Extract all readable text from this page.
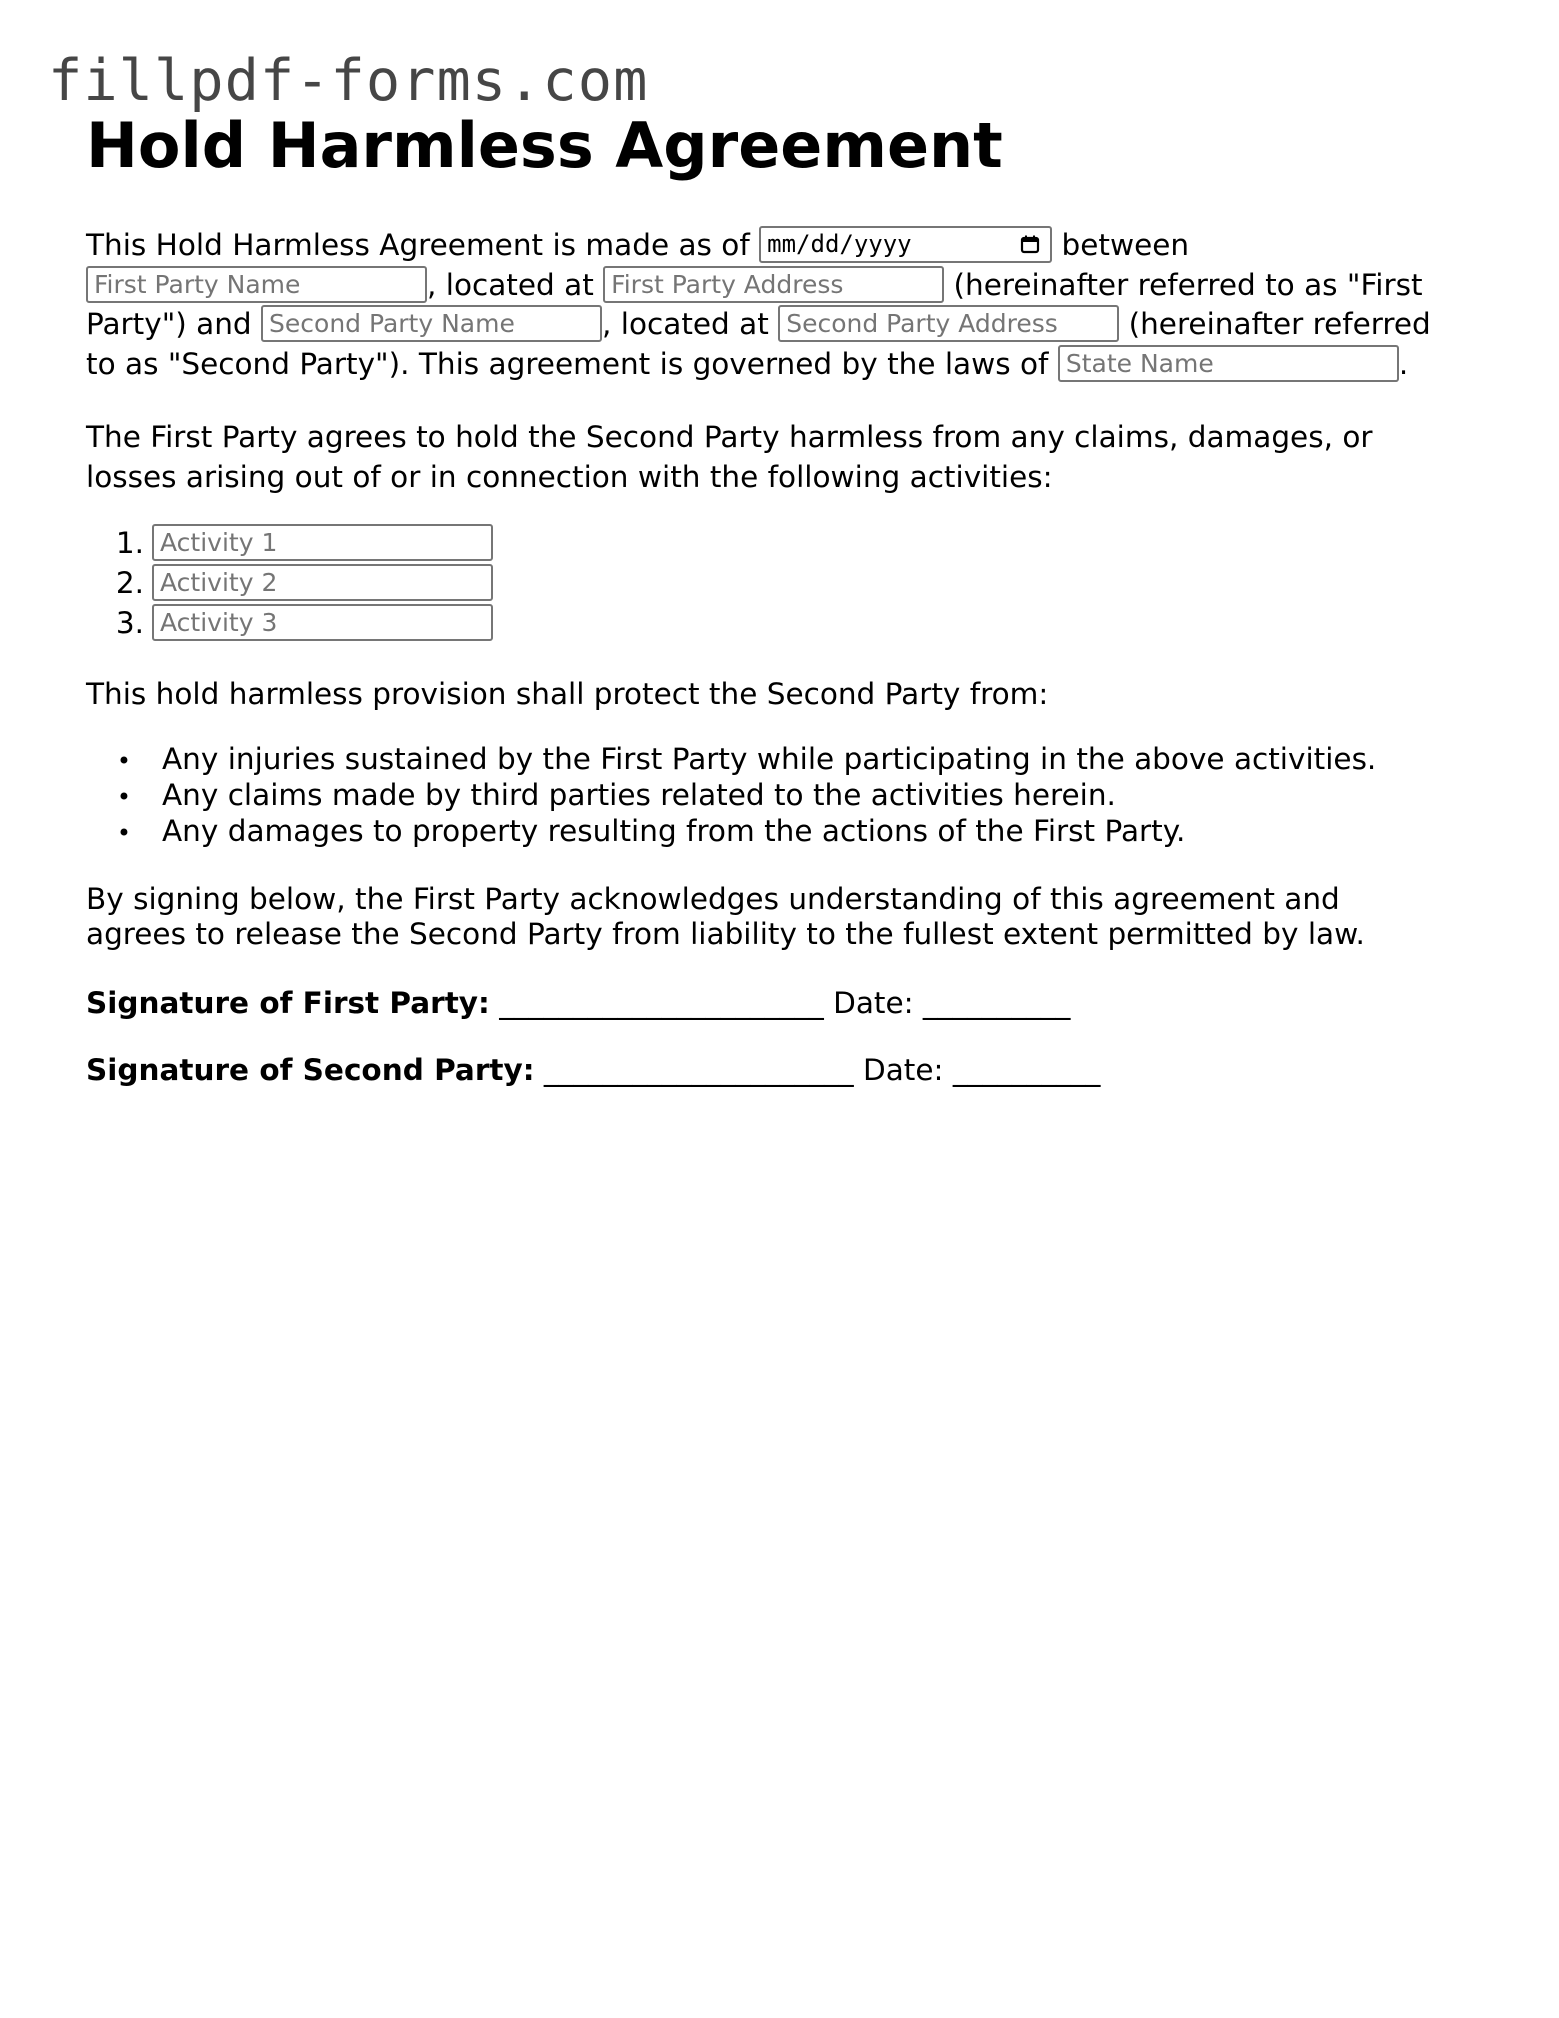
fillpdf-forms.com
Hold Harmless Agreement
This Hold Harmless Agreement is made as of mm/dd/yyyy	between
First Party Name	, located at First Party Address	(hereinafter referred to as "First
Party") and Second Party Name	, located at Second Party Address (hereinafter referred
to as "Second Party"). This agreement is governed by the laws of State Name	.
The First Party agrees to hold the Second Party harmless from any claims, damages, or
losses arising out of or in connection with the following activities:
1. Activity 1
2. Activity 2
3. Activity 3
This hold harmless provision shall protect the Second Party from:
• Any injuries sustained by the First Party while participating in the above activities.
• Any claims made by third parties related to the activities herein.
• Any damages to property resulting from the actions of the First Party.
By signing below, the First Party acknowledges understanding of this agreement and
agrees to release the Second Party from liability to the fullest extent permitted by law.
Signature of First Party: ______________________ Date: __________
Signature of Second Party: _____________________ Date: __________
